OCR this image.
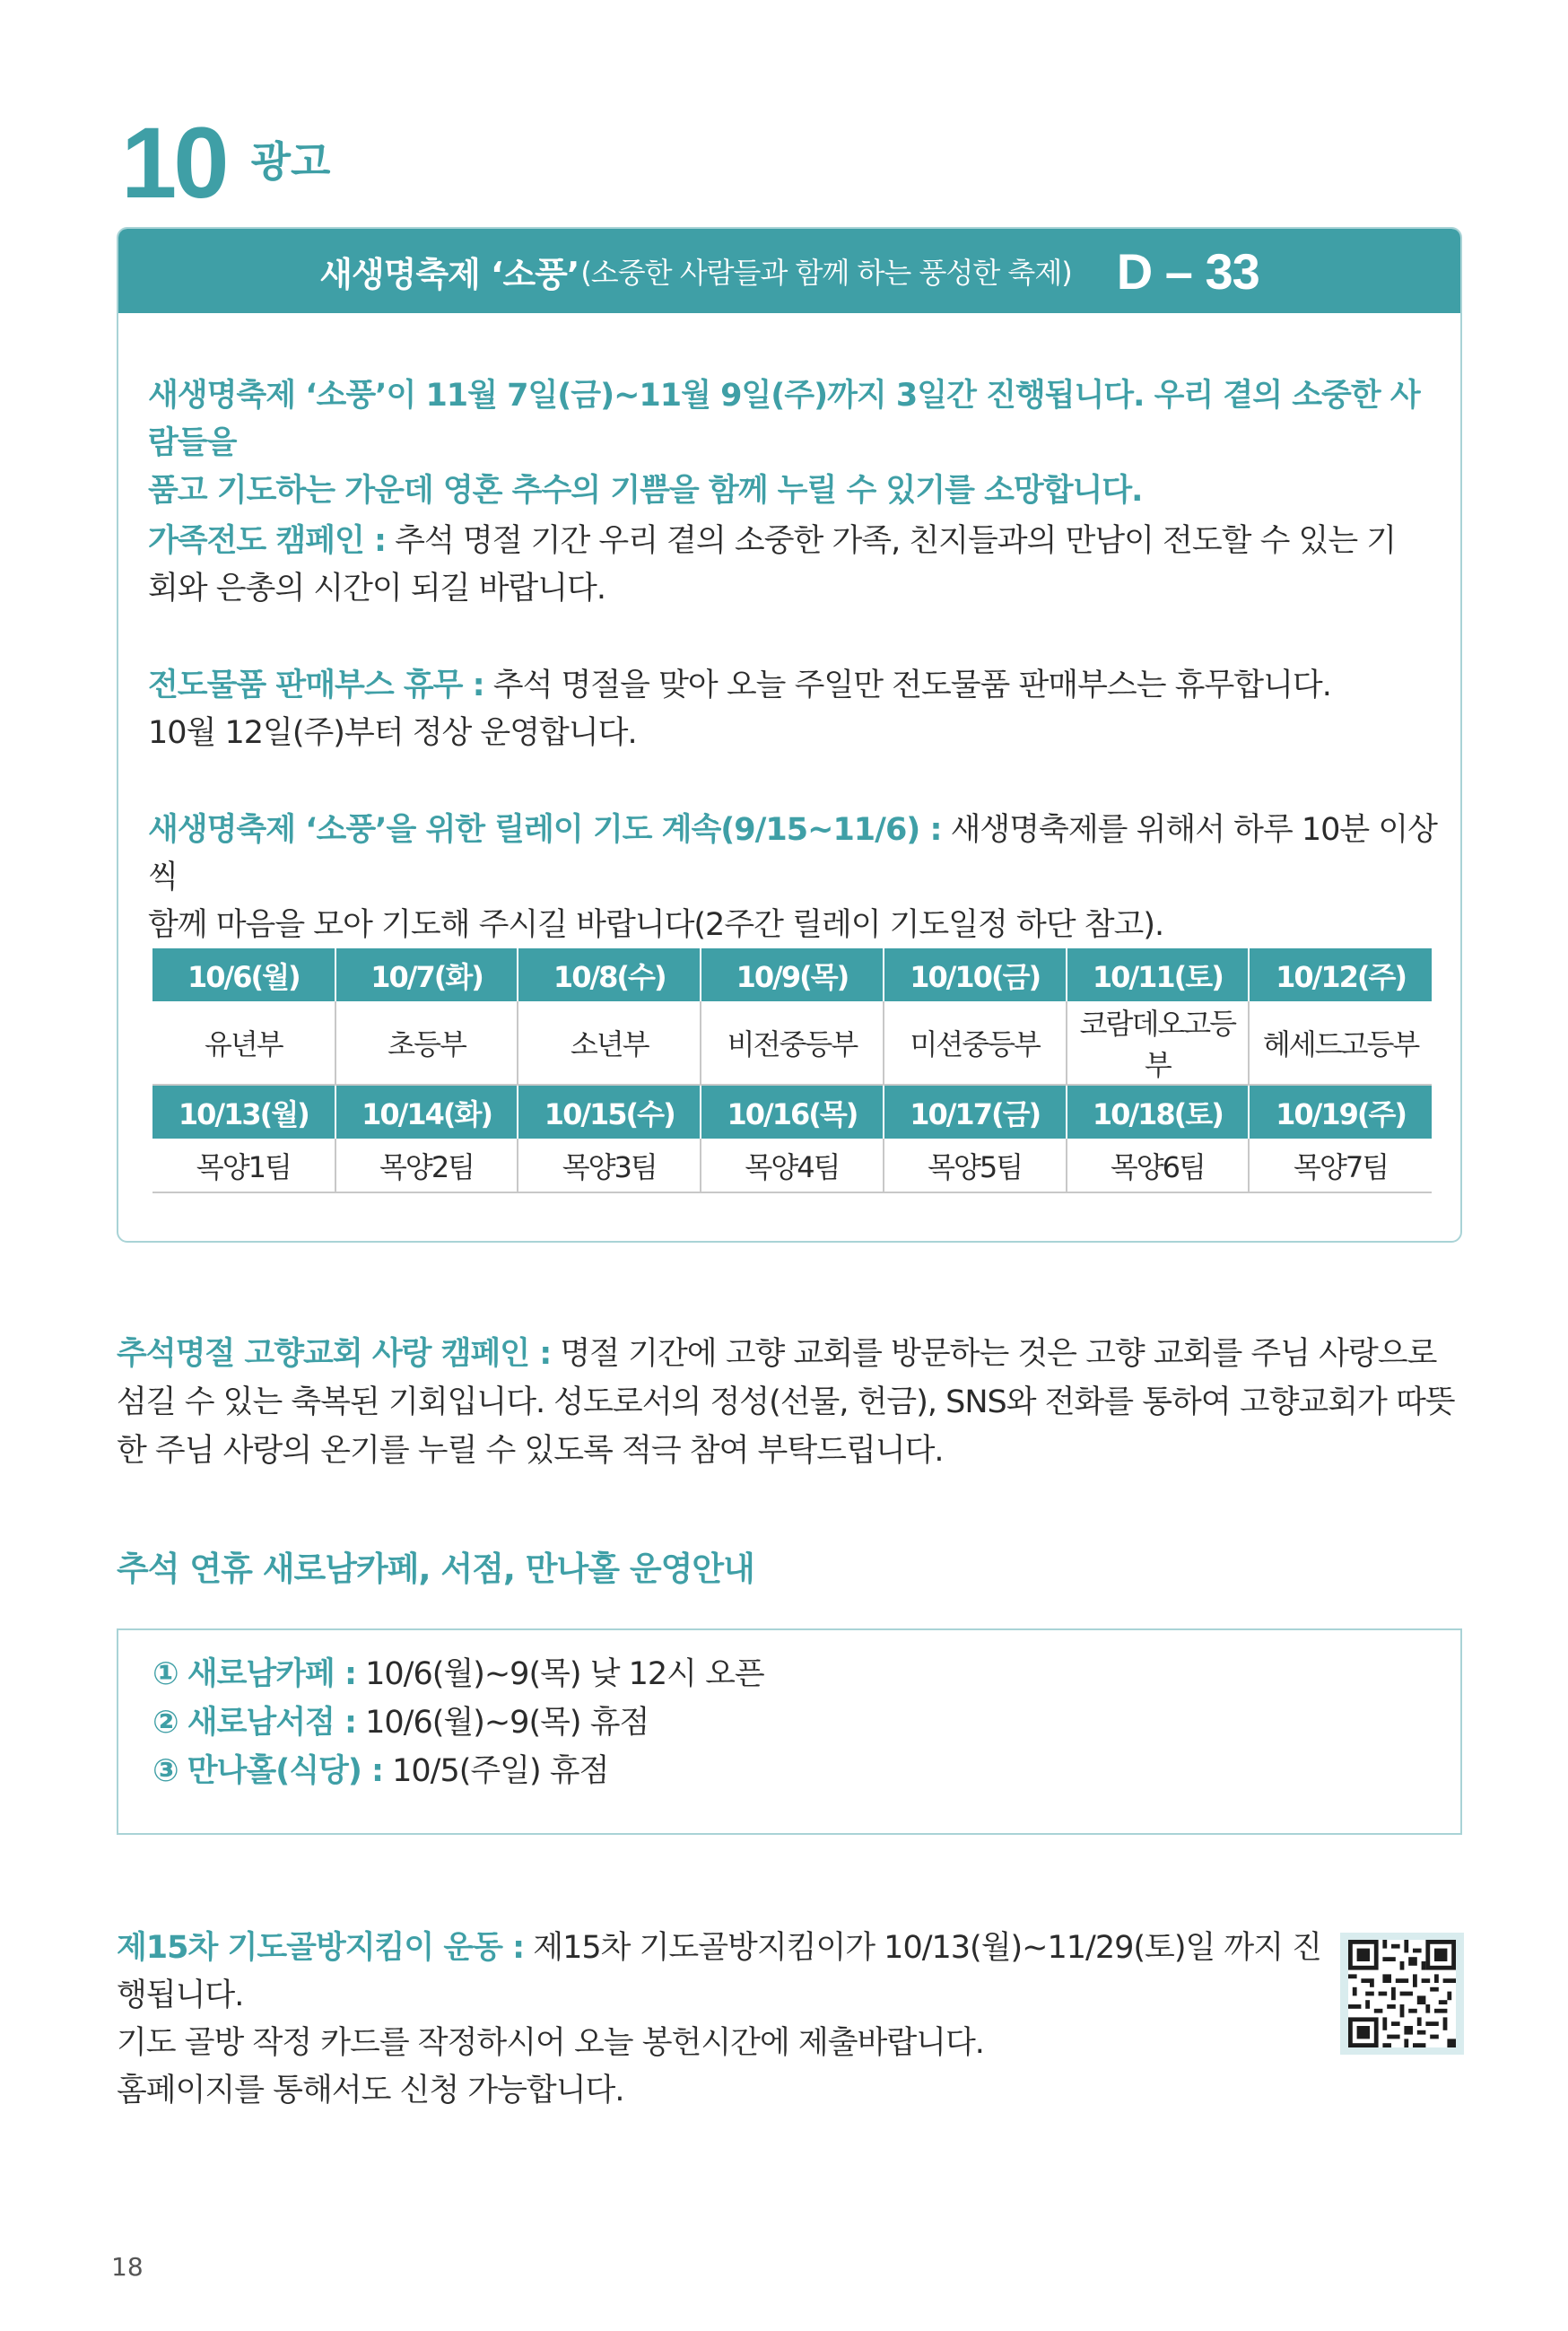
10 광고
새생명축제 ‘소풍’ (소중한 사람들과 함께 하는 풍성한 축제) D – 33
새생명축제 ‘소풍’이 11월 7일(금)~11월 9일(주)까지 3일간 진행됩니다. 우리 곁의 소중한 사람들을
품고 기도하는 가운데 영혼 추수의 기쁨을 함께 누릴 수 있기를 소망합니다.
가족전도 캠페인 : 추석 명절 기간 우리 곁의 소중한 가족, 친지들과의 만남이 전도할 수 있는 기
회와 은총의 시간이 되길 바랍니다.
전도물품 판매부스 휴무 : 추석 명절을 맞아 오늘 주일만 전도물품 판매부스는 휴무합니다.
10월 12일(주)부터 정상 운영합니다.
새생명축제 ‘소풍’을 위한 릴레이 기도 계속(9/15~11/6) : 새생명축제를 위해서 하루 10분 이상씩
함께 마음을 모아 기도해 주시길 바랍니다(2주간 릴레이 기도일정 하단 참고).
10/6(월)	10/7(화)	10/8(수)	10/9(목)	10/10(금)	10/11(토)	10/12(주)
유년부	초등부	소년부	비전중등부	미션중등부	코람데오고등부	헤세드고등부
10/13(월)	10/14(화)	10/15(수)	10/16(목)	10/17(금)	10/18(토)	10/19(주)
목양1팀	목양2팀	목양3팀	목양4팀	목양5팀	목양6팀	목양7팀
추석명절 고향교회 사랑 캠페인 : 명절 기간에 고향 교회를 방문하는 것은 고향 교회를 주님 사랑으로
섬길 수 있는 축복된 기회입니다. 성도로서의 정성(선물, 헌금), SNS와 전화를 통하여 고향교회가 따뜻
한 주님 사랑의 온기를 누릴 수 있도록 적극 참여 부탁드립니다.
추석 연휴 새로남카페, 서점, 만나홀 운영안내
① 새로남카페 : 10/6(월)~9(목) 낮 12시 오픈
② 새로남서점 : 10/6(월)~9(목) 휴점
③ 만나홀(식당) : 10/5(주일) 휴점
제15차 기도골방지킴이 운동 : 제15차 기도골방지킴이가 10/13(월)~11/29(토)일 까지 진행됩니다.
기도 골방 작정 카드를 작정하시어 오늘 봉헌시간에 제출바랍니다.
홈페이지를 통해서도 신청 가능합니다.
18
